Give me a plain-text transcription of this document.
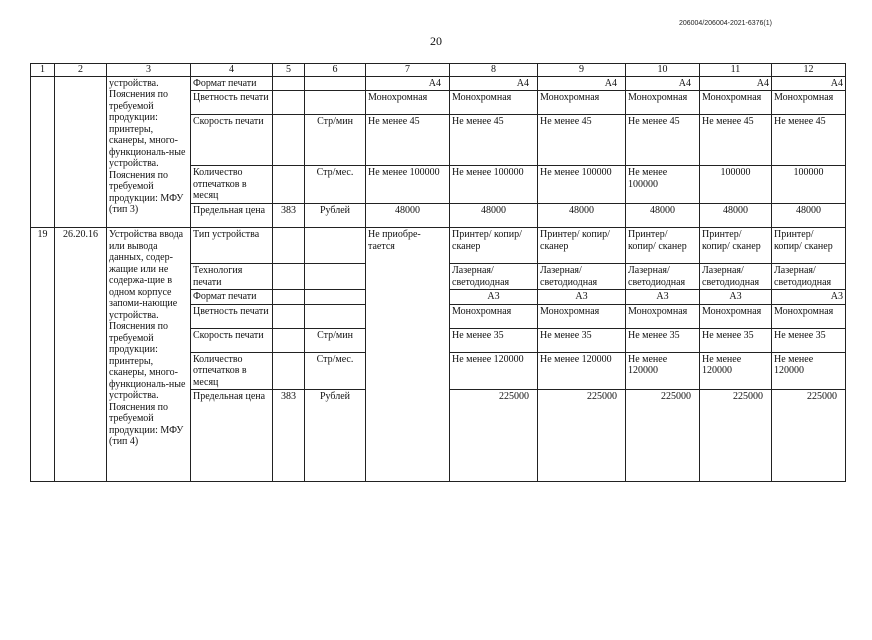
206004/206004-2021-6376(1)
20
1	2	3	4	5	6	7	8	9	10	11	12
		устройства. Пояснения по требуемой продукции: принтеры, сканеры, много-функциональ-ные устройства. Пояснения по требуемой продукции: МФУ (тип 3)	Формат печати			A4	A4	A4	A4	A4	A4
			Цветность печати			Монохромная	Монохромная	Монохромная	Монохромная	Монохромная	Монохромная
			Скорость печати		Стр/мин	Не менее 45	Не менее 45	Не менее 45	Не менее 45	Не менее 45	Не менее 45
			Количество отпечатков в месяц		Стр/мес.	Не менее 100000	Не менее 100000	Не менее 100000	Не менее 100000	100000	100000
			Предельная цена	383	Рублей	48000	48000	48000	48000	48000	48000
19	26.20.16	Устройства ввода или вывода данных, содер-жащие или не содержа-щие в одном корпусе запоми-нающие устройства. Пояснения по требуемой продукции: принтеры, сканеры, много-функциональ-ные устройства. Пояснения по требуемой продукции: МФУ (тип 4)	Тип устройства			Не приобре-тается	Принтер/ копир/ сканер	Принтер/ копир/ сканер	Принтер/ копир/ сканер	Принтер/ копир/ сканер	Принтер/ копир/ сканер
			Технология печати				Лазерная/ светодиодная	Лазерная/ светодиодная	Лазерная/ светодиодная	Лазерная/ светодиодная	Лазерная/ светодиодная
			Формат печати				A3	A3	A3	A3	A3
			Цветность печати				Монохромная	Монохромная	Монохромная	Монохромная	Монохромная
			Скорость печати		Стр/мин		Не менее 35	Не менее 35	Не менее 35	Не менее 35	Не менее 35
			Количество отпечатков в месяц		Стр/мес.		Не менее 120000	Не менее 120000	Не менее 120000	Не менее 120000	Не менее 120000
			Предельная цена	383	Рублей		225000	225000	225000	225000	225000
